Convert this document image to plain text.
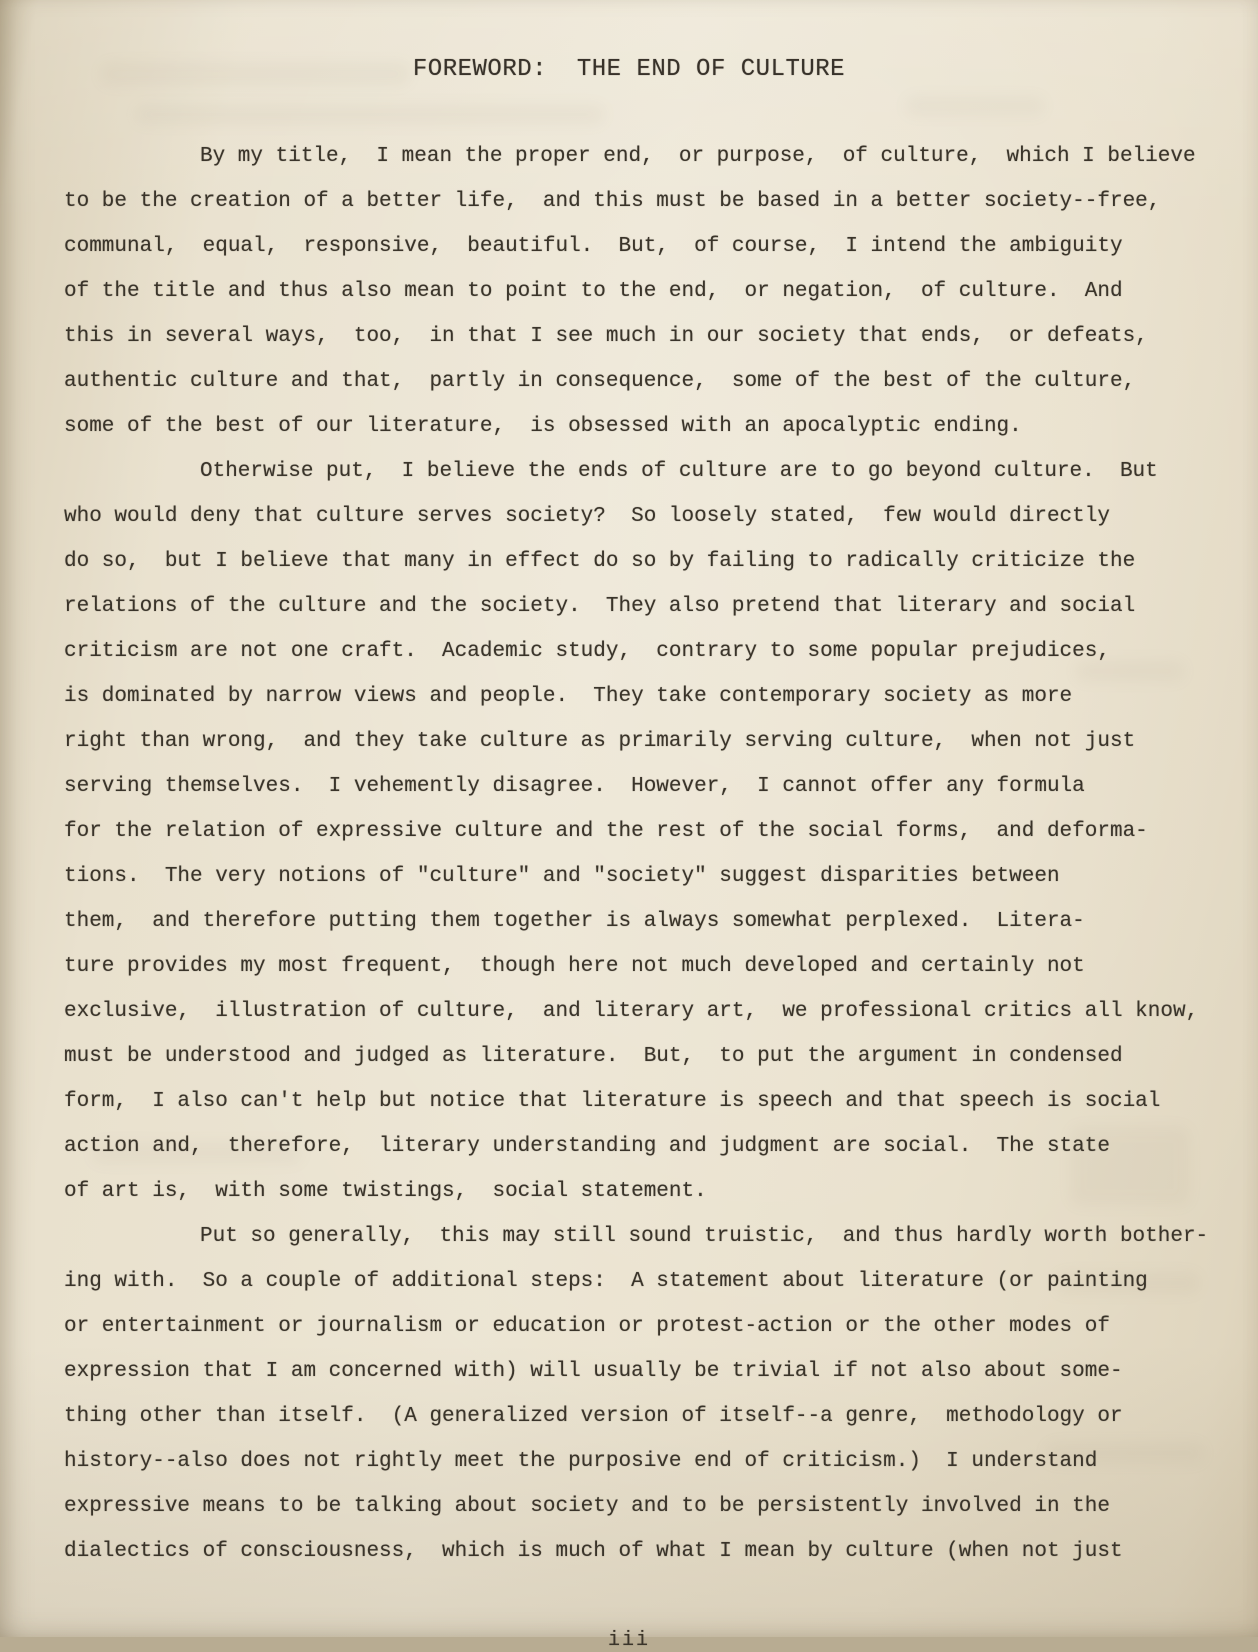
FOREWORD:  THE END OF CULTURE
By my title,  I mean the proper end,  or purpose,  of culture,  which I believe
to be the creation of a better life,  and this must be based in a better society--free,
communal,  equal,  responsive,  beautiful.  But,  of course,  I intend the ambiguity
of the title and thus also mean to point to the end,  or negation,  of culture.  And
this in several ways,  too,  in that I see much in our society that ends,  or defeats,
authentic culture and that,  partly in consequence,  some of the best of the culture,
some of the best of our literature,  is obsessed with an apocalyptic ending.
Otherwise put,  I believe the ends of culture are to go beyond culture.  But
who would deny that culture serves society?  So loosely stated,  few would directly
do so,  but I believe that many in effect do so by failing to radically criticize the
relations of the culture and the society.  They also pretend that literary and social
criticism are not one craft.  Academic study,  contrary to some popular prejudices,
is dominated by narrow views and people.  They take contemporary society as more
right than wrong,  and they take culture as primarily serving culture,  when not just
serving themselves.  I vehemently disagree.  However,  I cannot offer any formula
for the relation of expressive culture and the rest of the social forms,  and deforma-
tions.  The very notions of "culture" and "society" suggest disparities between
them,  and therefore putting them together is always somewhat perplexed.  Litera-
ture provides my most frequent,  though here not much developed and certainly not
exclusive,  illustration of culture,  and literary art,  we professional critics all know,
must be understood and judged as literature.  But,  to put the argument in condensed
form,  I also can't help but notice that literature is speech and that speech is social
action and,  therefore,  literary understanding and judgment are social.  The state
of art is,  with some twistings,  social statement.
Put so generally,  this may still sound truistic,  and thus hardly worth bother-
ing with.  So a couple of additional steps:  A statement about literature (or painting
or entertainment or journalism or education or protest-action or the other modes of
expression that I am concerned with) will usually be trivial if not also about some-
thing other than itself.  (A generalized version of itself--a genre,  methodology or
history--also does not rightly meet the purposive end of criticism.)  I understand
expressive means to be talking about society and to be persistently involved in the
dialectics of consciousness,  which is much of what I mean by culture (when not just
iii
